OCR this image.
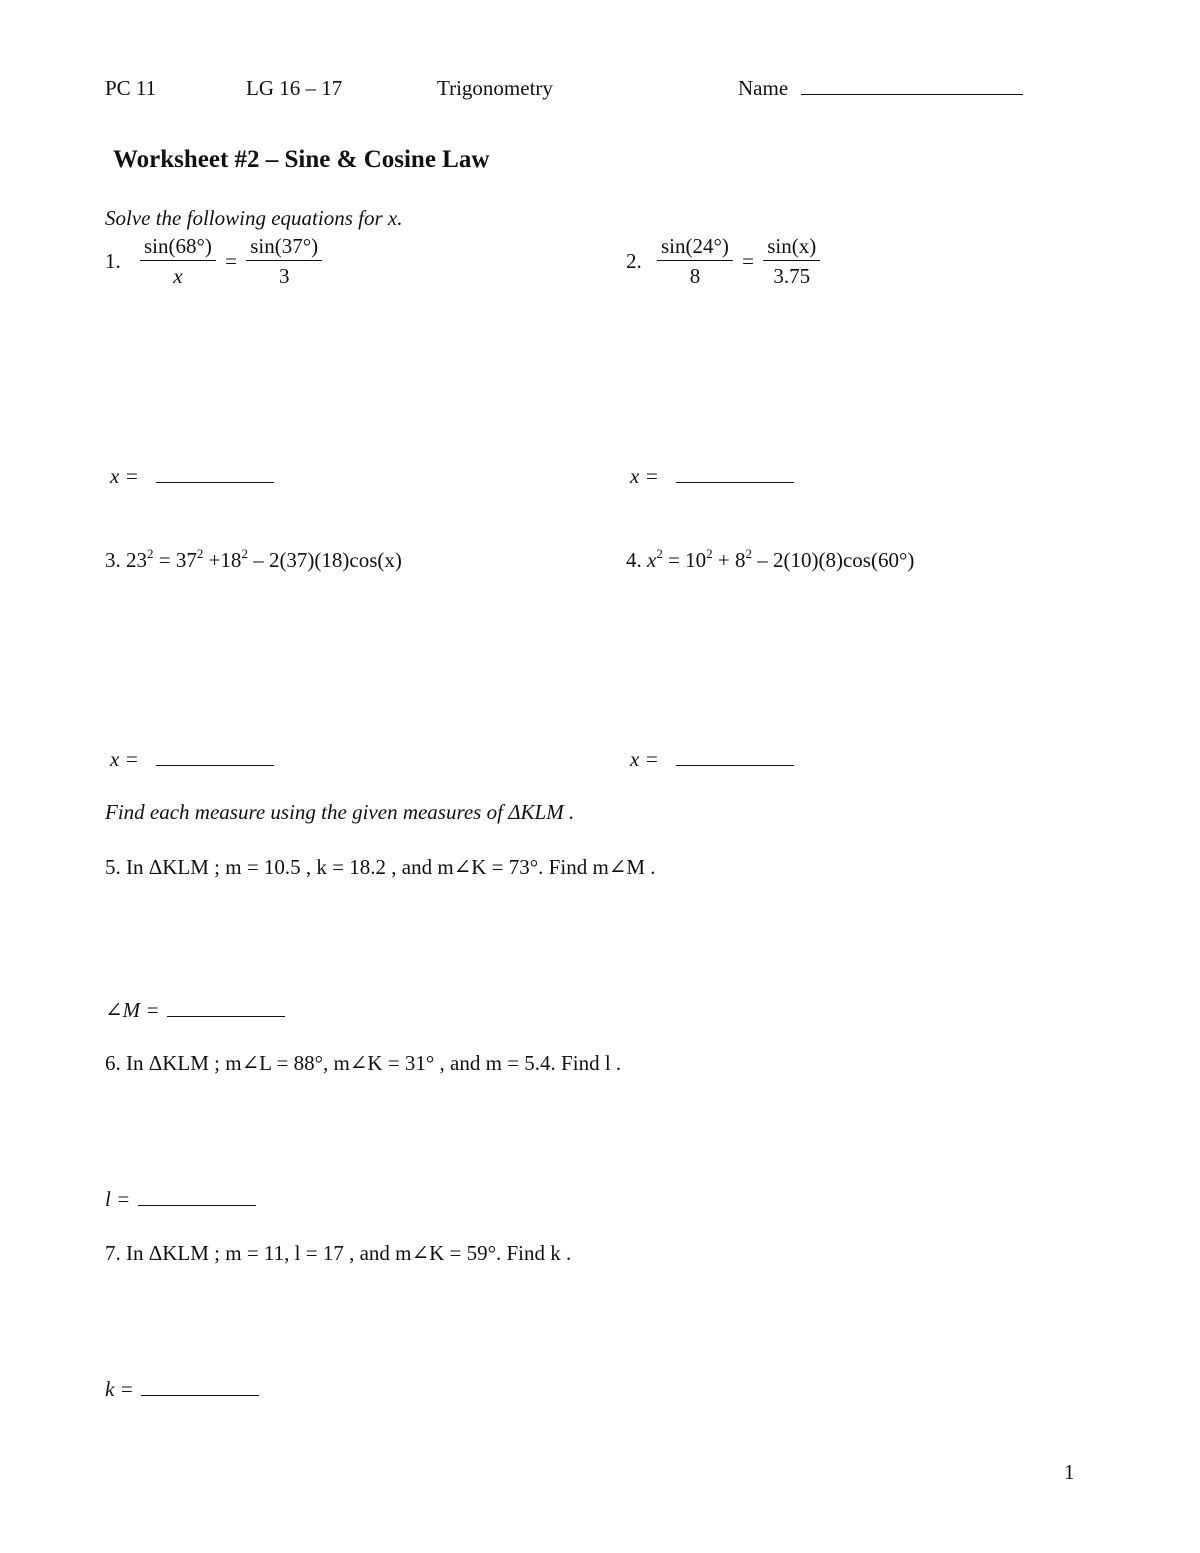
PC 11	LG 16 – 17	Trigonometry	Name
Worksheet #2 – Sine & Cosine Law
Solve the following equations for x.
1. $\frac{\sin(68^\circ)}{x} = \frac{\sin(37^\circ)}{3}$	2. $\frac{\sin(24^\circ)}{8} = \frac{\sin(x)}{3.75}$
x =	x =
3. $23^2 = 37^2 +18^2 - 2(37)(18)\cos(x)$	4. $x^2 = 10^2 + 8^2 - 2(10)(8)\cos(60^\circ)$
x =	x =
Find each measure using the given measures of ΔKLM .
5. In ΔKLM ; m = 10.5 , k = 18.2 , and m∠K = 73°. Find m∠M .
∠M =
6. In ΔKLM ; m∠L = 88°, m∠K = 31° , and m = 5.4. Find l .
l =
7. In ΔKLM ; m = 11, l = 17 , and m∠K = 59°. Find k .
k =
1
